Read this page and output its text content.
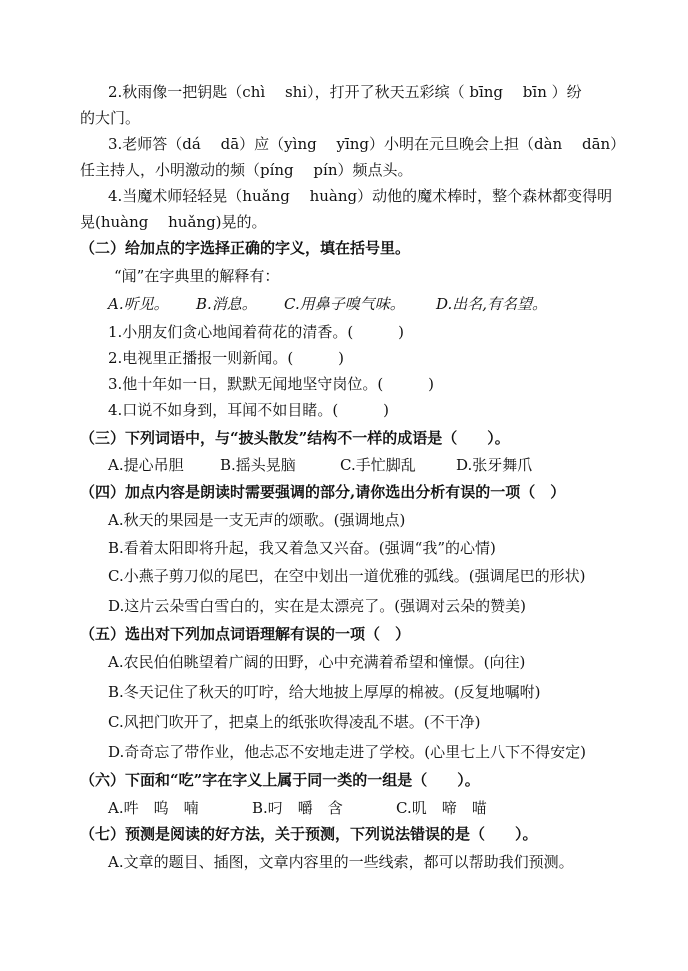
2.秋雨像一把钥匙（chì　 shi），打开了秋天五彩缤（ bīng 　bīn ）纷
的大门。
3.老师答（dá 　dā）应（yìng 　yīng）小明在元旦晚会上担（dàn 　dān）
任主持人，小明激动的频（píng 　pín）频点头。
4.当魔术师轻轻晃（huǎng 　huàng）动他的魔术棒时，整个森林都变得明
晃(huàng 　huǎng)晃的。
（二）给加点的字选择正确的字义，填在括号里。
“闻”在字典里的解释有：
A.听见。 B.消息。 C.用鼻子嗅气味。 D.出名,有名望。
1.小朋友们贪心地闻着荷花的清香。(　　　)
2.电视里正播报一则新闻。(　　　)
3.他十年如一日，默默无闻地坚守岗位。(　　　)
4.口说不如身到，耳闻不如目睹。(　　　)
（三）下列词语中，与“披头散发”结构不一样的成语是（　　）。
A.提心吊胆 B.摇头晃脑	C.手忙脚乱	D.张牙舞爪
（四）加点内容是朗读时需要强调的部分,请你选出分析有误的一项（　）
A.秋天的果园是一支无声的颂歌。(强调地点)
B.看着太阳即将升起，我又着急又兴奋。(强调“我”的心情)
C.小燕子剪刀似的尾巴，在空中划出一道优雅的弧线。(强调尾巴的形状)
D.这片云朵雪白雪白的，实在是太漂亮了。(强调对云朵的赞美)
（五）选出对下列加点词语理解有误的一项（　）
A.农民伯伯眺望着广阔的田野，心中充满着希望和憧憬。(向往)
B.冬天记住了秋天的叮咛，给大地披上厚厚的棉被。(反复地嘱咐)
C.风把门吹开了，把桌上的纸张吹得凌乱不堪。(不干净)
D.奇奇忘了带作业，他忐忑不安地走进了学校。(心里七上八下不得安定)
（六）下面和“吃”字在字义上属于同一类的一组是（　　）。
A.吽　呜　喃	B.叼　嚼　含	C.叽　啼　喵
（七）预测是阅读的好方法，关于预测，下列说法错误的是（　　）。
A.文章的题目、插图，文章内容里的一些线索，都可以帮助我们预测。
